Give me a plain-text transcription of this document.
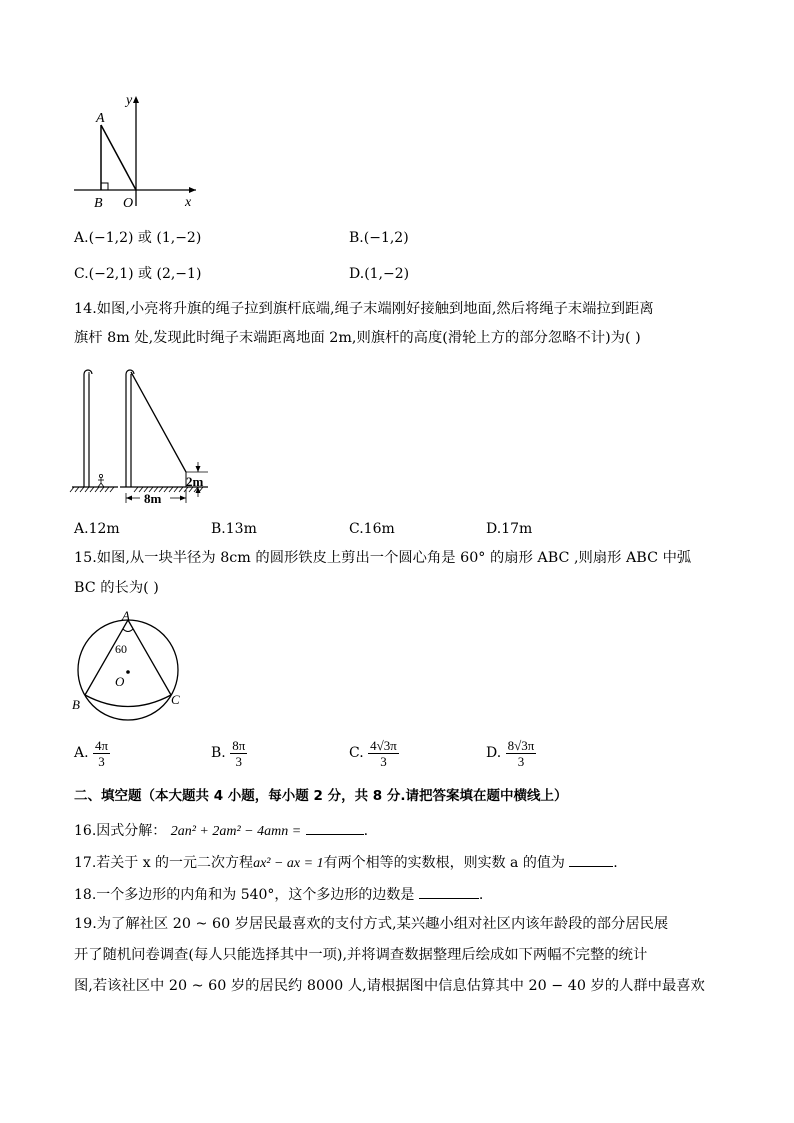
y
A
x
B O
A.(−1,2) 或 (1,−2)	B.(−1,2)
C.(−2,1) 或 (2,−1)	D.(1,−2)
14.如图,小亮将升旗的绳子拉到旗杆底端,绳子末端刚好接触到地面,然后将绳子末端拉到距离
旗杆 8m 处,发现此时绳子末端距离地面 2m,则旗杆的高度(滑轮上方的部分忽略不计)为( )
2m
8m
A.12m	B.13m	C.16m	D.17m
15.如图,从一块半径为 8cm 的圆形铁皮上剪出一个圆心角是 60° 的扇形 ABC ,则扇形 ABC 中弧
BC 的长为( )
A
60
O
B	C
A. $\frac{4\pi}{3}$	B. $\frac{8\pi}{3}$	C. $\frac{4√3\pi}{3}$	D. $\frac{8√3\pi}{3}$
二、填空题（本大题共 4 小题，每小题 2 分，共 8 分.请把答案填在题中横线上）
16.因式分解： 2an² + 2am² − 4amn =	.
17.若关于 x 的一元二次方程ax² − ax = 1有两个相等的实数根，则实数 a 的值为	.
18.一个多边形的内角和为 540°，这个多边形的边数是	.
19.为了解社区 20 ~ 60 岁居民最喜欢的支付方式,某兴趣小组对社区内该年龄段的部分居民展
开了随机问卷调查(每人只能选择其中一项),并将调查数据整理后绘成如下两幅不完整的统计
图,若该社区中 20 ~ 60 岁的居民约 8000 人,请根据图中信息估算其中 20 − 40 岁的人群中最喜欢
